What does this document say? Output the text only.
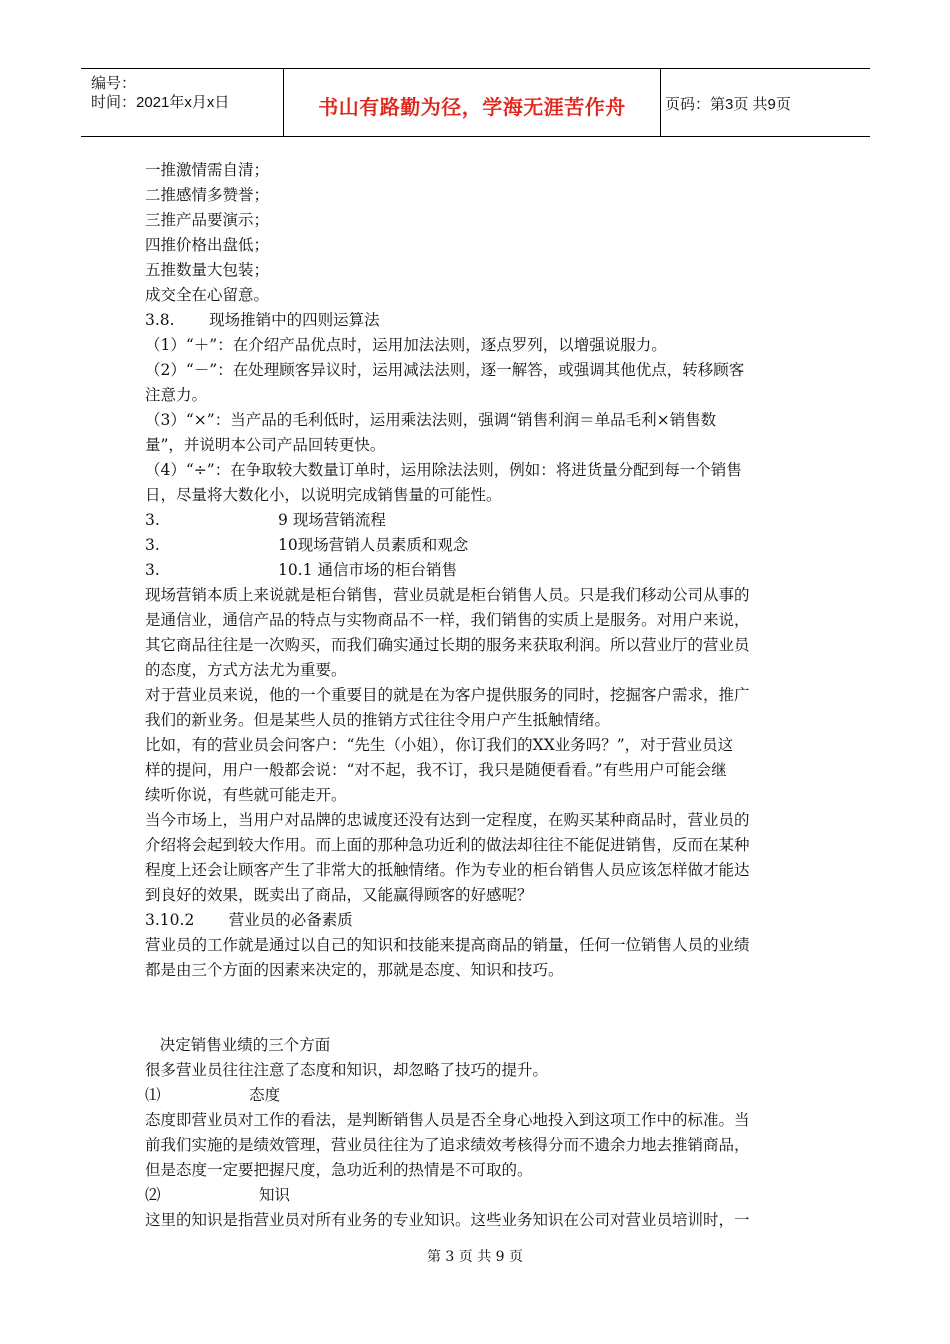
编号：
时间：2021年x月x日	书山有路勤为径，学海无涯苦作舟	页码：第3页 共9页

一推激情需自清；

二推感情多赞誉；

三推产品要演示；

四推价格出盘低；

五推数量大包装；

成交全在心留意。

3.8.       现场推销中的四则运算法

（1）“＋”：在介绍产品优点时，运用加法法则，逐点罗列，以增强说服力。

（2）“－”：在处理顾客异议时，运用减法法则，逐一解答，或强调其他优点，转移顾客

注意力。

（3）“×”：当产品的毛利低时，运用乘法法则，强调“销售利润＝单品毛利×销售数

量”，并说明本公司产品回转更快。

（4）“÷”：在争取较大数量订单时，运用除法法则，例如：将进货量分配到每一个销售

日，尽量将大数化小，以说明完成销售量的可能性。

3.                        9 现场营销流程

3.                        10现场营销人员素质和观念

3.                        10.1 通信市场的柜台销售

现场营销本质上来说就是柜台销售，营业员就是柜台销售人员。只是我们移动公司从事的

是通信业，通信产品的特点与实物商品不一样，我们销售的实质上是服务。对用户来说，

其它商品往往是一次购买，而我们确实通过长期的服务来获取利润。所以营业厅的营业员

的态度，方式方法尤为重要。

对于营业员来说，他的一个重要目的就是在为客户提供服务的同时，挖掘客户需求，推广

我们的新业务。但是某些人员的推销方式往往令用户产生抵触情绪。

比如，有的营业员会问客户：“先生（小姐），你订我们的XX业务吗？”，对于营业员这

样的提问，用户一般都会说：“对不起，我不订，我只是随便看看。”有些用户可能会继

续听你说，有些就可能走开。

当今市场上，当用户对品牌的忠诚度还没有达到一定程度，在购买某种商品时，营业员的

介绍将会起到较大作用。而上面的那种急功近利的做法却往往不能促进销售，反而在某种

程度上还会让顾客产生了非常大的抵触情绪。作为专业的柜台销售人员应该怎样做才能达

到良好的效果，既卖出了商品，又能赢得顾客的好感呢？

3.10.2       营业员的必备素质

营业员的工作就是通过以自己的知识和技能来提高商品的销量，任何一位销售人员的业绩

都是由三个方面的因素来决定的，那就是态度、知识和技巧。

决定销售业绩的三个方面

很多营业员往往注意了态度和知识，却忽略了技巧的提升。

⑴                  态度

态度即营业员对工作的看法，是判断销售人员是否全身心地投入到这项工作中的标准。当

前我们实施的是绩效管理，营业员往往为了追求绩效考核得分而不遗余力地去推销商品，

但是态度一定要把握尺度，急功近利的热情是不可取的。

⑵                    知识

这里的知识是指营业员对所有业务的专业知识。这些业务知识在公司对营业员培训时，一

第 3 页 共 9 页
